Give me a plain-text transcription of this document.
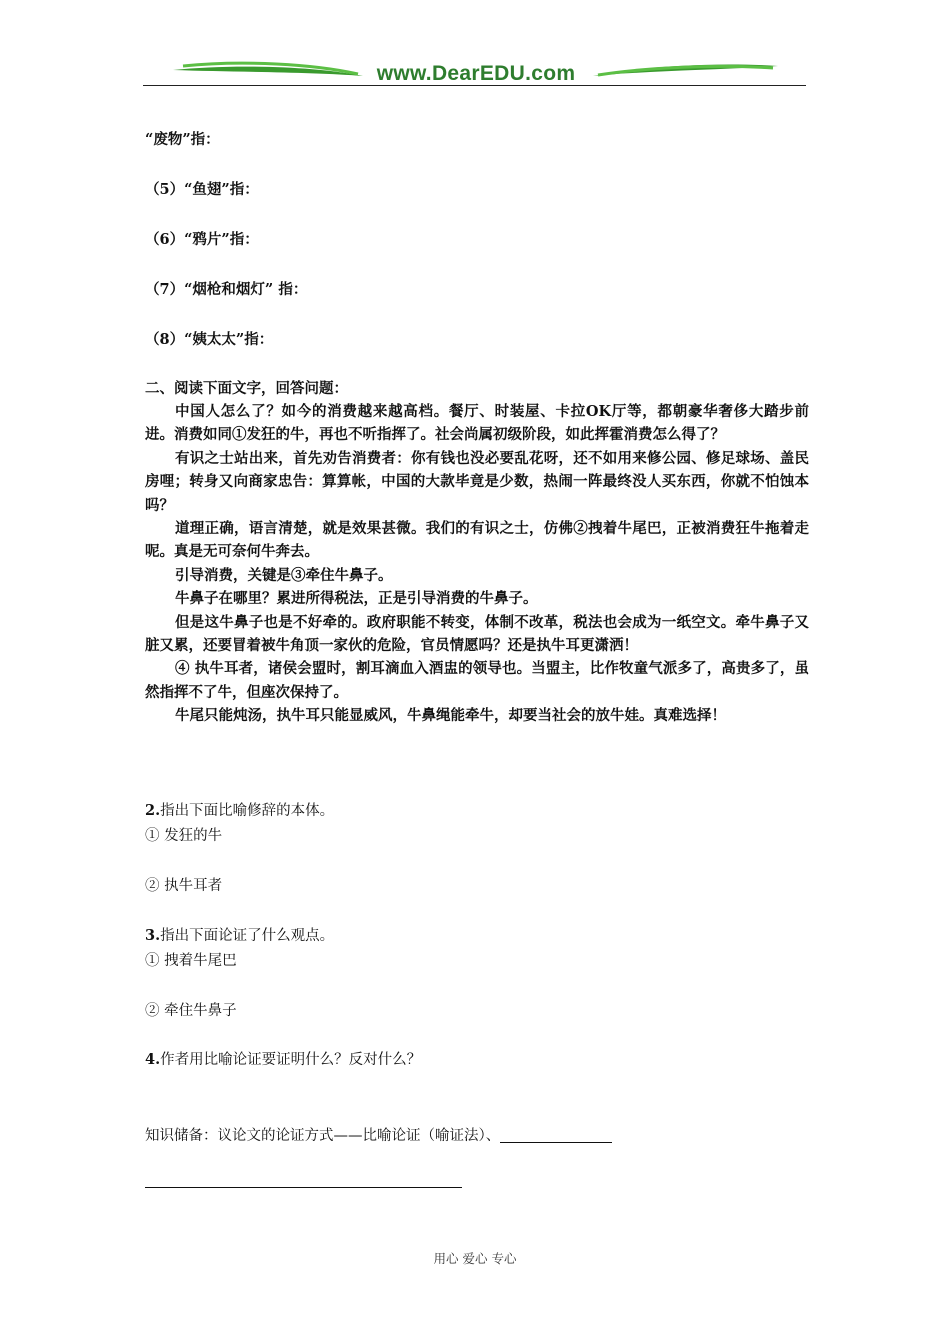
www.DearEDU.com
“废物”指：
（5）“鱼翅”指：
（6）“鸦片”指：
（7）“烟枪和烟灯” 指：
（8）“姨太太”指：
二、阅读下面文字，回答问题：

中国人怎么了？如今的消费越来越高档。餐厅、时装屋、卡拉OK厅等，都朝豪华奢侈大踏步前进。消费如同①发狂的牛，再也不听指挥了。社会尚属初级阶段，如此挥霍消费怎么得了？

有识之士站出来，首先劝告消费者：你有钱也没必要乱花呀，还不如用来修公园、修足球场、盖民房哩；转身又向商家忠告：算算帐，中国的大款毕竟是少数，热闹一阵最终没人买东西，你就不怕蚀本吗？

道理正确，语言清楚，就是效果甚微。我们的有识之士，仿佛②拽着牛尾巴，正被消费狂牛拖着走呢。真是无可奈何牛奔去。

引导消费，关键是③牵住牛鼻子。

牛鼻子在哪里？累进所得税法，正是引导消费的牛鼻子。

但是这牛鼻子也是不好牵的。政府职能不转变，体制不改革，税法也会成为一纸空文。牵牛鼻子又脏又累，还要冒着被牛角顶一家伙的危险，官员情愿吗？还是执牛耳更潇洒！

④ 执牛耳者，诸侯会盟时，割耳滴血入酒盅的领导也。当盟主，比作牧童气派多了，高贵多了，虽然指挥不了牛，但座次保持了。

牛尾只能炖汤，执牛耳只能显威风，牛鼻绳能牵牛，却要当社会的放牛娃。真难选择！

2.指出下面比喻修辞的本体。
① 发狂的牛
② 执牛耳者
3.指出下面论证了什么观点。
① 拽着牛尾巴
② 牵住牛鼻子
4.作者用比喻论证要证明什么？反对什么？
知识储备：议论文的论证方式——比喻论证（喻证法）、
用心 爱心 专心
